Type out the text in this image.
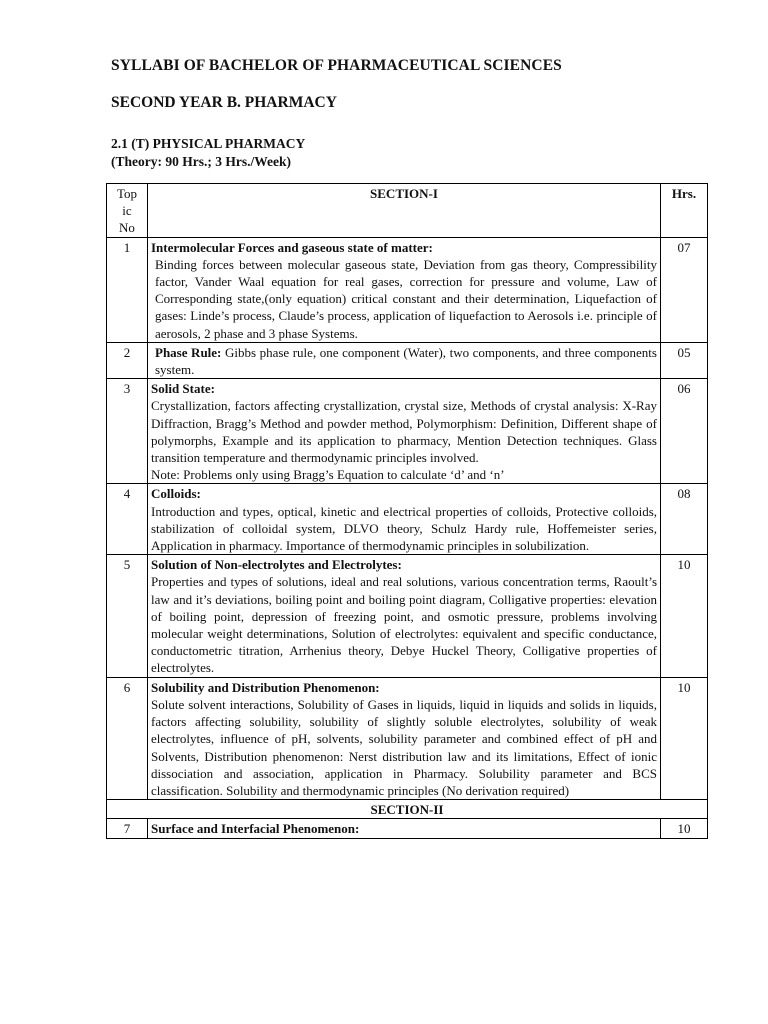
SYLLABI OF BACHELOR OF PHARMACEUTICAL SCIENCES
SECOND YEAR B. PHARMACY
2.1 (T) PHYSICAL PHARMACY
(Theory: 90 Hrs.; 3 Hrs./Week)
Top
ic
No	SECTION-I	Hrs.
1	Intermolecular Forces and gaseous state of matter:
Binding forces between molecular gaseous state, Deviation from gas theory, Compressibility factor, Vander Waal equation for real gases, correction for pressure and volume, Law of Corresponding state,(only equation) critical constant and their determination, Liquefaction of gases: Linde’s process, Claude’s process, application of liquefaction to Aerosols i.e. principle of aerosols, 2 phase and 3 phase Systems.	07
2	Phase Rule: Gibbs phase rule, one component (Water), two components, and three components system.	05
3	Solid State:
Crystallization, factors affecting crystallization, crystal size, Methods of crystal analysis: X-Ray Diffraction, Bragg’s Method and powder method, Polymorphism: Definition, Different shape of polymorphs, Example and its application to pharmacy, Mention Detection techniques. Glass transition temperature and thermodynamic principles involved.
Note: Problems only using Bragg’s Equation to calculate ‘d’ and ‘n’	06
4	Colloids:
Introduction and types, optical, kinetic and electrical properties of colloids, Protective colloids, stabilization of colloidal system, DLVO theory, Schulz Hardy rule, Hoffemeister series, Application in pharmacy. Importance of thermodynamic principles in solubilization.	08
5	Solution of Non-electrolytes and Electrolytes:
Properties and types of solutions, ideal and real solutions, various concentration terms, Raoult’s law and it’s deviations, boiling point and boiling point diagram, Colligative properties: elevation of boiling point, depression of freezing point, and osmotic pressure, problems involving molecular weight determinations, Solution of electrolytes: equivalent and specific conductance, conductometric titration, Arrhenius theory, Debye Huckel Theory, Colligative properties of electrolytes.	10
6	Solubility and Distribution Phenomenon:
Solute solvent interactions, Solubility of Gases in liquids, liquid in liquids and solids in liquids, factors affecting solubility, solubility of slightly soluble electrolytes, solubility of weak electrolytes, influence of pH, solvents, solubility parameter and combined effect of pH and Solvents, Distribution phenomenon: Nerst distribution law and its limitations, Effect of ionic dissociation and association, application in Pharmacy. Solubility parameter and BCS classification. Solubility and thermodynamic principles (No derivation required)	10
SECTION-II		
7	Surface and Interfacial Phenomenon:	10
